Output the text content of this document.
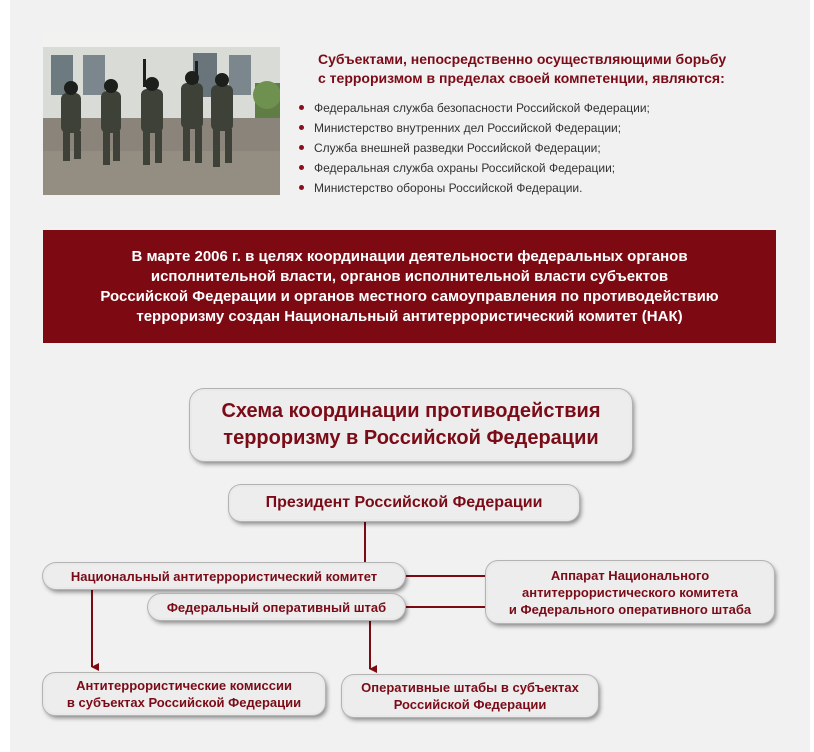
Субъектами, непосредственно осуществляющими борьбу
с терроризмом в пределах своей компетенции, являются:
Федеральная служба безопасности Российской Федерации;
Министерство внутренних дел Российской Федерации;
Служба внешней разведки Российской Федерации;
Федеральная служба охраны Российской Федерации;
Министерство обороны Российской Федерации.
В марте 2006 г. в целях координации деятельности федеральных органов
исполнительной власти, органов исполнительной власти субъектов
Российской Федерации и органов местного самоуправления по противодействию
терроризму создан Национальный антитеррористический комитет (НАК)
Схема координации противодействия
терроризму в Российской Федерации
Президент Российской Федерации
Национальный антитеррористический комитет
Федеральный оперативный штаб
Аппарат Национального
антитеррористического комитета
и Федерального оперативного штаба
Антитеррористические комиссии
в субъектах Российской Федерации
Оперативные штабы в субъектах
Российской Федерации
